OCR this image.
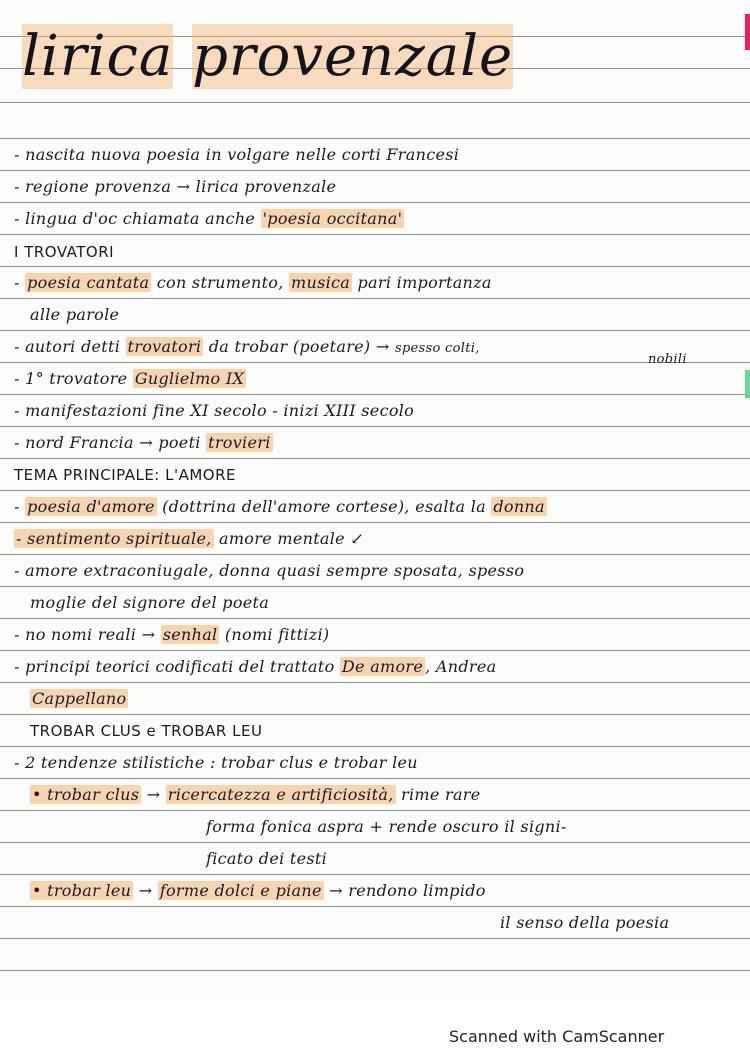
lirica provenzale
- nascita nuova poesia in volgare nelle corti Francesi
- regione provenza → lirica provenzale
- lingua d'oc chiamata anche 'poesia occitana'
I TROVATORI
- poesia cantata con strumento, musica pari importanza
alle parole
- autori detti trovatori da trobar (poetare) → spesso colti,
nobili
- 1° trovatore Guglielmo IX
- manifestazioni fine XI secolo - inizi XIII secolo
- nord Francia → poeti trovieri
TEMA PRINCIPALE: L'AMORE
- poesia d'amore (dottrina dell'amore cortese), esalta la donna
- sentimento spirituale, amore mentale ↙
- amore extraconiugale, donna quasi sempre sposata, spesso
moglie del signore del poeta
- no nomi reali → senhal (nomi fittizi)
- principi teorici codificati del trattato De amore , Andrea
Cappellano
TROBAR CLUS e TROBAR LEU
- 2 tendenze stilistiche : trobar clus e trobar leu
• trobar clus → ricercatezza e artificiosità, rime rare
forma fonica aspra + rende oscuro il signi-
ficato dei testi
• trobar leu → forme dolci e piane → rendono limpido
il senso della poesia
Scanned with CamScanner
